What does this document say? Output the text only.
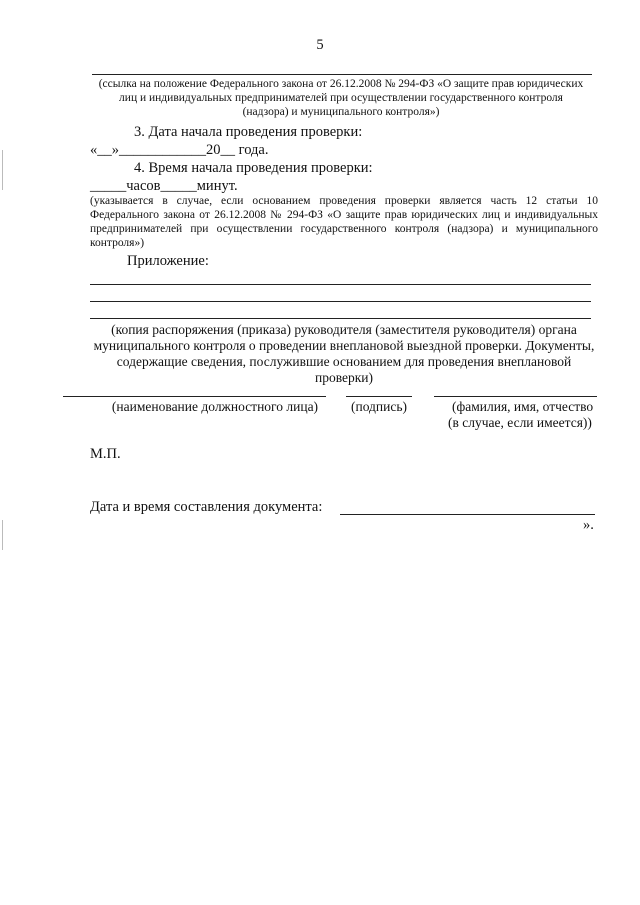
5
(ссылка на положение Федерального закона от 26.12.2008 № 294-ФЗ «О защите прав юридических лиц и индивидуальных предпринимателей при осуществлении государственного контроля (надзора) и муниципального контроля»)
3. Дата начала проведения проверки:
«__»____________20__ года.
4. Время начала проведения проверки:
_____часов_____минут.
(указывается в случае, если основанием проведения проверки является часть 12 статьи 10 Федерального закона от 26.12.2008 № 294-ФЗ «О защите прав юридических лиц и индивидуальных предпринимателей при осуществлении государственного контроля (надзора) и муниципального контроля»)
Приложение:
(копия распоряжения (приказа) руководителя (заместителя руководителя) органа муниципального контроля о проведении внеплановой выездной проверки. Документы, содержащие сведения, послужившие основанием для проведения внеплановой проверки)
(наименование должностного лица)	(подпись)	(фамилия, имя, отчество
(в случае, если имеется))
М.П.
Дата и время составления документа:
».
